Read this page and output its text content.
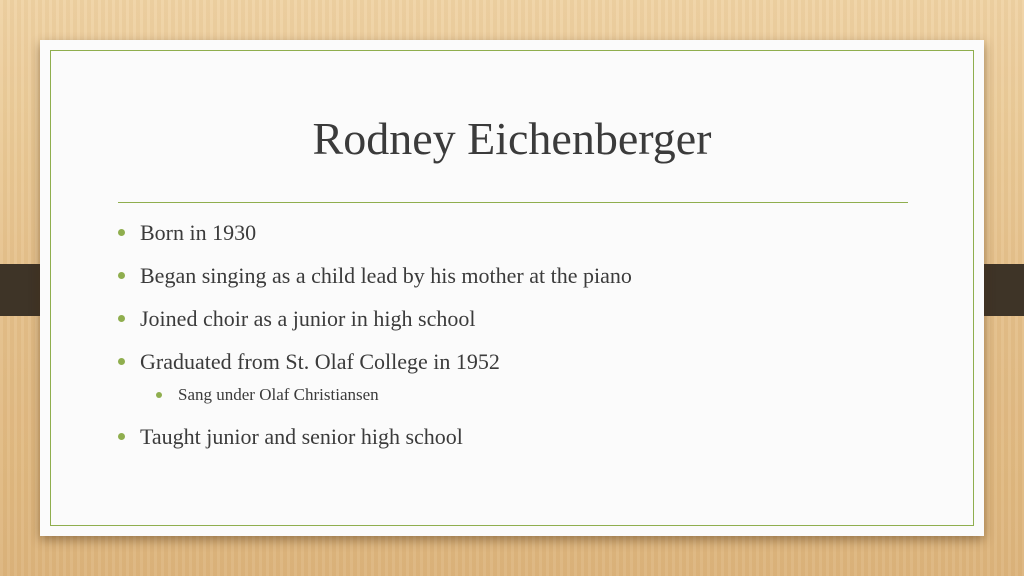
Rodney Eichenberger
Born in 1930
Began singing as a child lead by his mother at the piano
Joined choir as a junior in high school
Graduated from St. Olaf College in 1952
Sang under Olaf Christiansen
Taught junior and senior high school
